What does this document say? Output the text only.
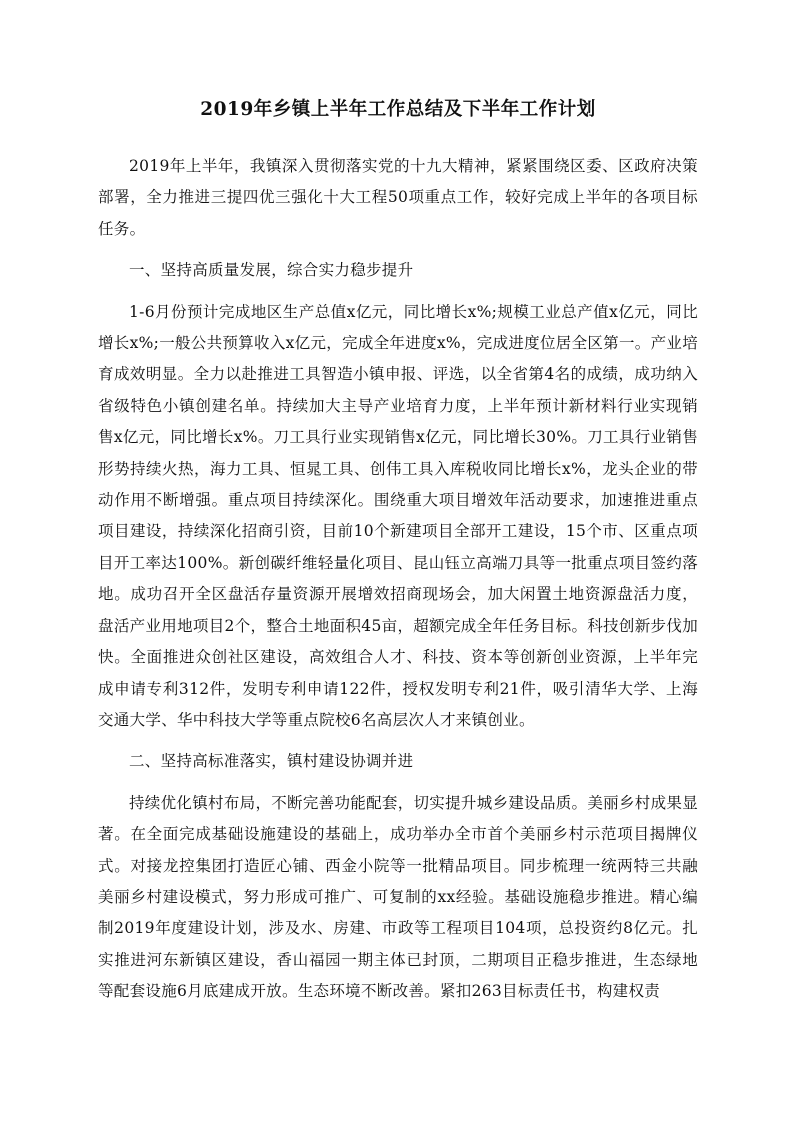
2019年乡镇上半年工作总结及下半年工作计划

2019年上半年，我镇深入贯彻落实党的十九大精神，紧紧围绕区委、区政府决策部署，全力推进三提四优三强化十大工程50项重点工作，较好完成上半年的各项目标任务。

一、坚持高质量发展，综合实力稳步提升

1-6月份预计完成地区生产总值x亿元，同比增长x%;规模工业总产值x亿元，同比增长x%;一般公共预算收入x亿元，完成全年进度x%，完成进度位居全区第一。产业培育成效明显。全力以赴推进工具智造小镇申报、评选，以全省第4名的成绩，成功纳入省级特色小镇创建名单。持续加大主导产业培育力度，上半年预计新材料行业实现销售x亿元，同比增长x%。刀工具行业实现销售x亿元，同比增长30%。刀工具行业销售形势持续火热，海力工具、恒晁工具、创伟工具入库税收同比增长x%，龙头企业的带动作用不断增强。重点项目持续深化。围绕重大项目增效年活动要求，加速推进重点项目建设，持续深化招商引资，目前10个新建项目全部开工建设，15个市、区重点项目开工率达100%。新创碳纤维轻量化项目、昆山钰立高端刀具等一批重点项目签约落地。成功召开全区盘活存量资源开展增效招商现场会，加大闲置土地资源盘活力度，盘活产业用地项目2个，整合土地面积45亩，超额完成全年任务目标。科技创新步伐加快。全面推进众创社区建设，高效组合人才、科技、资本等创新创业资源，上半年完成申请专利312件，发明专利申请122件，授权发明专利21件，吸引清华大学、上海交通大学、华中科技大学等重点院校6名高层次人才来镇创业。

二、坚持高标准落实，镇村建设协调并进

持续优化镇村布局，不断完善功能配套，切实提升城乡建设品质。美丽乡村成果显著。在全面完成基础设施建设的基础上，成功举办全市首个美丽乡村示范项目揭牌仪式。对接龙控集团打造匠心铺、西金小院等一批精品项目。同步梳理一统两特三共融美丽乡村建设模式，努力形成可推广、可复制的xx经验。基础设施稳步推进。精心编制2019年度建设计划，涉及水、房建、市政等工程项目104项，总投资约8亿元。扎实推进河东新镇区建设，香山福园一期主体已封顶，二期项目正稳步推进，生态绿地等配套设施6月底建成开放。生态环境不断改善。紧扣263目标责任书，构建权责
